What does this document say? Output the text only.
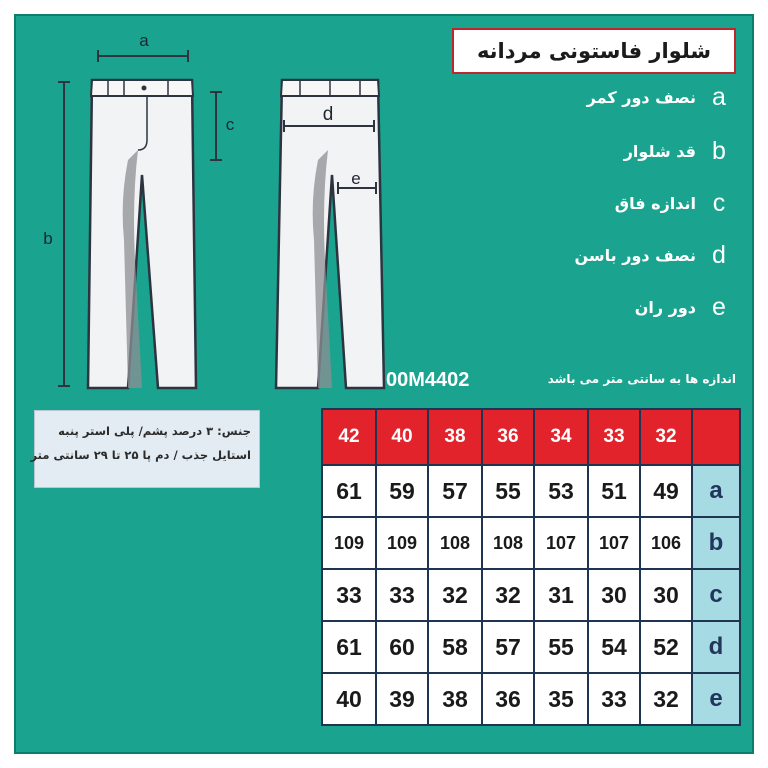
a
b
c	d
e
شلوار فاستونی مردانه
نصف دور کمر a
قد شلوار b
اندازه فاق c
نصف دور باسن d
دور ران e
اندازه ها به سانتی متر می باشد
00M4402
جنس: ۳ درصد پشم/ پلی استر پنبه
استایل جذب / دم پا ۲۵ تا ۲۹ سانتی متر
42	40	38	36	34	33	32	
61	59	57	55	53	51	49	a
109	109	108	108	107	107	106	b
33	33	32	32	31	30	30	c
61	60	58	57	55	54	52	d
40	39	38	36	35	33	32	e
